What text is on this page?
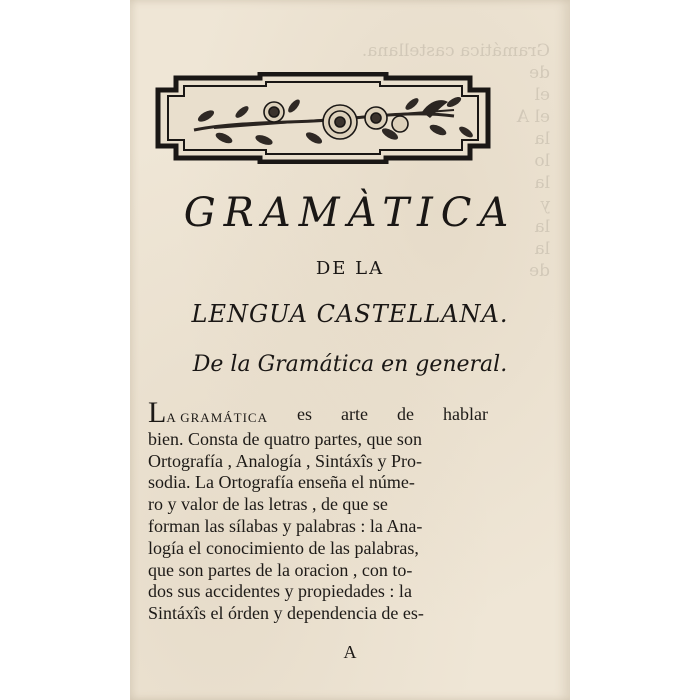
Gramática castellana.
de
el
el A
la
lo
la
y
la
la
de
GRAMÀTICA
DE LA
LENGUA CASTELLANA.
De la Gramática en general.
LA GRAMÁTICA es arte de hablar
bien. Consta de quatro partes, que son
Ortografía , Analogía , Sintáxîs y Pro-
sodia. La Ortografía enseña el núme-
ro y valor de las letras , de que se
forman las sílabas y palabras : la Ana-
logía el conocimiento de las palabras,
que son partes de la oracion , con to-
dos sus accidentes y propiedades : la
Sintáxîs el órden y dependencia de es-
A
